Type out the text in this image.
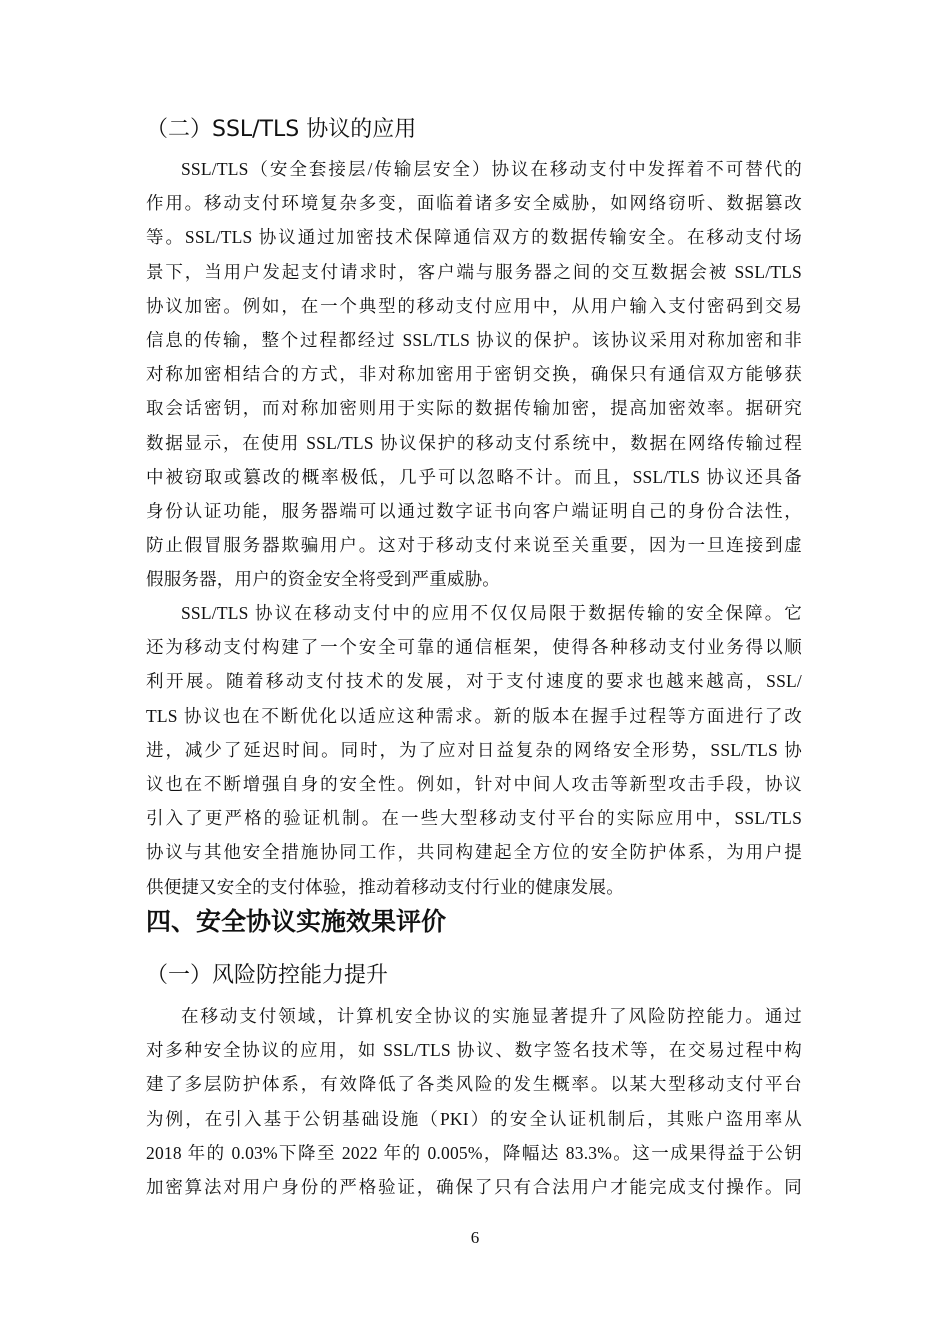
（二）SSL/TLS 协议的应用
SSL/TLS（安全套接层/传输层安全）协议在移动支付中发挥着不可替代的
作用。移动支付环境复杂多变，面临着诸多安全威胁，如网络窃听、数据篡改
等。SSL/TLS 协议通过加密技术保障通信双方的数据传输安全。在移动支付场
景下，当用户发起支付请求时，客户端与服务器之间的交互数据会被 SSL/TLS
协议加密。例如，在一个典型的移动支付应用中，从用户输入支付密码到交易
信息的传输，整个过程都经过 SSL/TLS 协议的保护。该协议采用对称加密和非
对称加密相结合的方式，非对称加密用于密钥交换，确保只有通信双方能够获
取会话密钥，而对称加密则用于实际的数据传输加密，提高加密效率。据研究
数据显示，在使用 SSL/TLS 协议保护的移动支付系统中，数据在网络传输过程
中被窃取或篡改的概率极低，几乎可以忽略不计。而且，SSL/TLS 协议还具备
身份认证功能，服务器端可以通过数字证书向客户端证明自己的身份合法性，
防止假冒服务器欺骗用户。这对于移动支付来说至关重要，因为一旦连接到虚
假服务器，用户的资金安全将受到严重威胁。
SSL/TLS 协议在移动支付中的应用不仅仅局限于数据传输的安全保障。它
还为移动支付构建了一个安全可靠的通信框架，使得各种移动支付业务得以顺
利开展。随着移动支付技术的发展，对于支付速度的要求也越来越高，SSL/
TLS 协议也在不断优化以适应这种需求。新的版本在握手过程等方面进行了改
进，减少了延迟时间。同时，为了应对日益复杂的网络安全形势，SSL/TLS 协
议也在不断增强自身的安全性。例如，针对中间人攻击等新型攻击手段，协议
引入了更严格的验证机制。在一些大型移动支付平台的实际应用中，SSL/TLS
协议与其他安全措施协同工作，共同构建起全方位的安全防护体系，为用户提
供便捷又安全的支付体验，推动着移动支付行业的健康发展。
四、安全协议实施效果评价
（一）风险防控能力提升
在移动支付领域，计算机安全协议的实施显著提升了风险防控能力。通过
对多种安全协议的应用，如 SSL/TLS 协议、数字签名技术等，在交易过程中构
建了多层防护体系，有效降低了各类风险的发生概率。以某大型移动支付平台
为例，在引入基于公钥基础设施（PKI）的安全认证机制后，其账户盗用率从
2018 年的 0.03%下降至 2022 年的 0.005%，降幅达 83.3%。这一成果得益于公钥
加密算法对用户身份的严格验证，确保了只有合法用户才能完成支付操作。同
6
